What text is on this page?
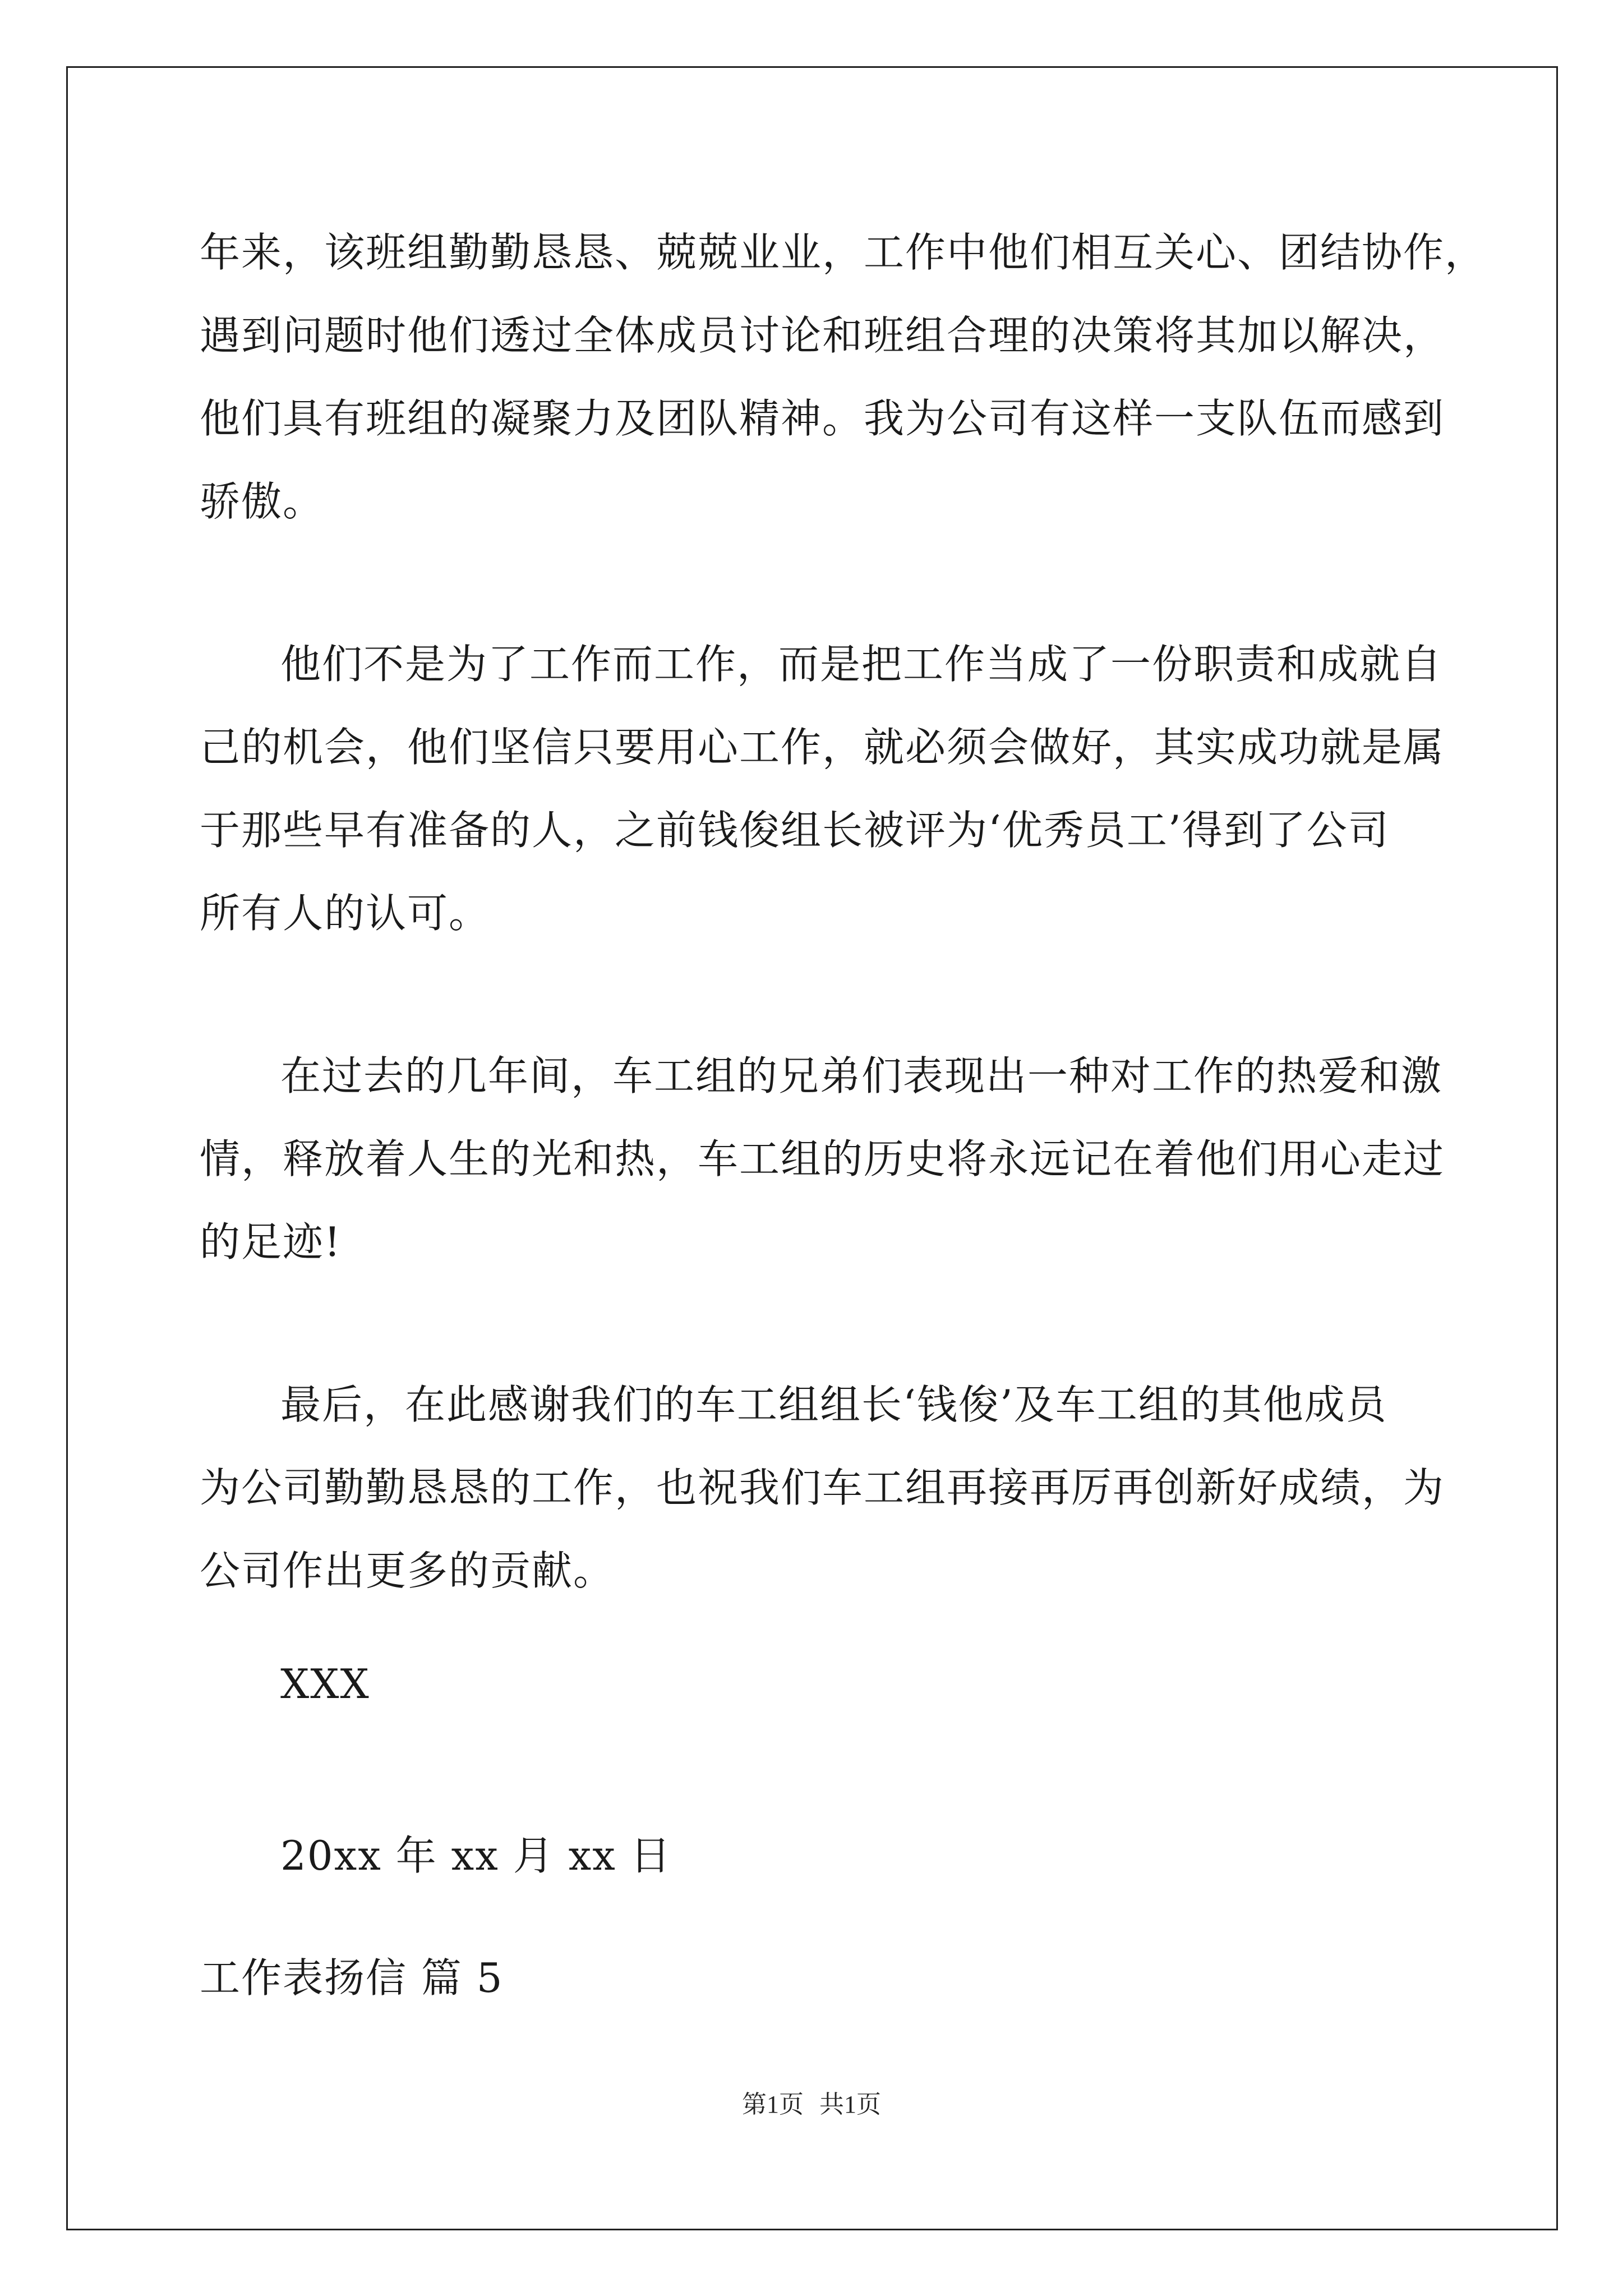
年来，该班组勤勤恳恳、兢兢业业，工作中他们相互关心、团结协作，
遇到问题时他们透过全体成员讨论和班组合理的决策将其加以解决，
他们具有班组的凝聚力及团队精神。我为公司有这样一支队伍而感到
骄傲。
他们不是为了工作而工作，而是把工作当成了一份职责和成就自
己的机会，他们坚信只要用心工作，就必须会做好，其实成功就是属
于那些早有准备的人，之前钱俊组长被评为‘优秀员工’得到了公司
所有人的认可。
在过去的几年间，车工组的兄弟们表现出一种对工作的热爱和激
情，释放着人生的光和热，车工组的历史将永远记在着他们用心走过
的足迹!
最后，在此感谢我们的车工组组长‘钱俊’及车工组的其他成员
为公司勤勤恳恳的工作，也祝我们车工组再接再厉再创新好成绩，为
公司作出更多的贡献。
XXX
20xx 年 xx 月 xx 日
工作表扬信 篇 5
第1页 共1页
